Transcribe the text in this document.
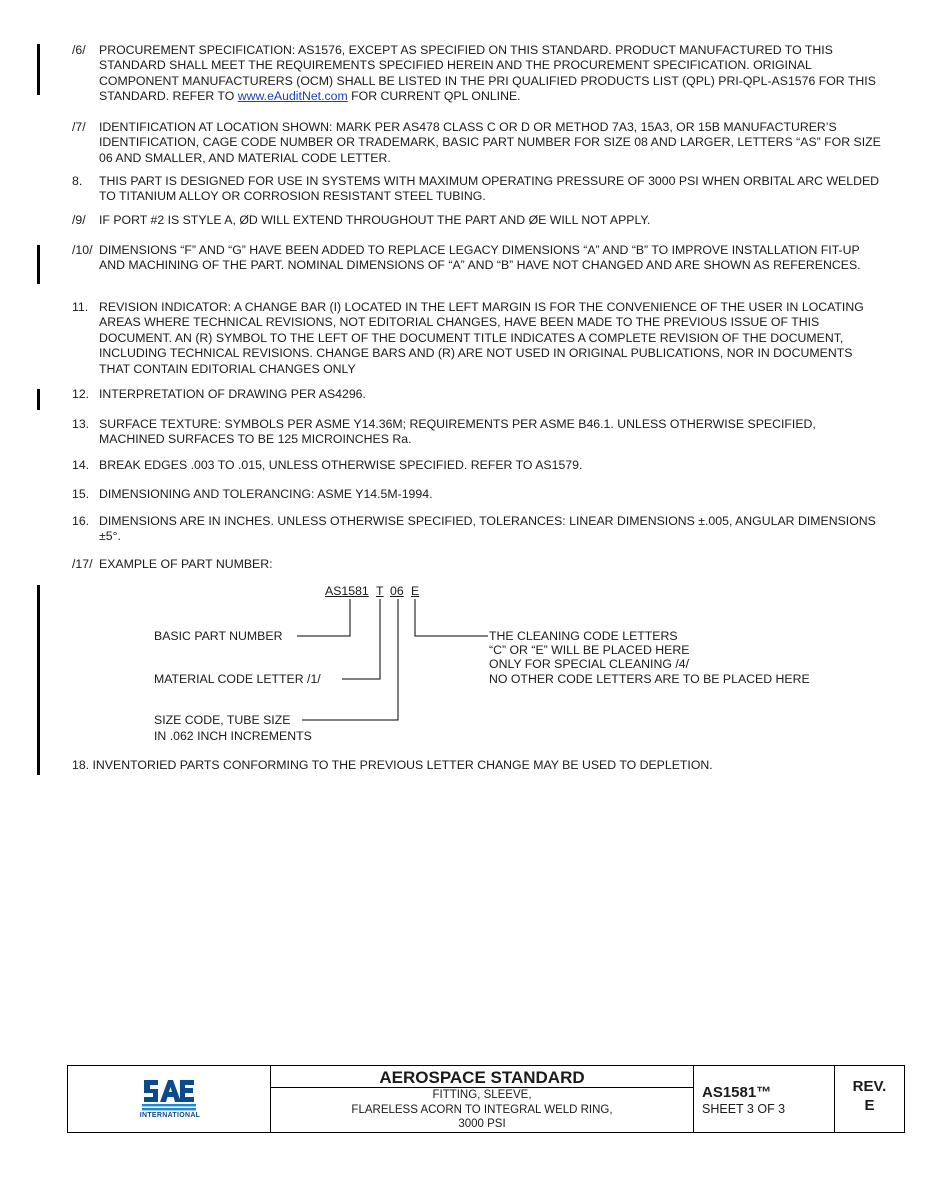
/6/ PROCUREMENT SPECIFICATION: AS1576, EXCEPT AS SPECIFIED ON THIS STANDARD. PRODUCT MANUFACTURED TO THIS STANDARD SHALL MEET THE REQUIREMENTS SPECIFIED HEREIN AND THE PROCUREMENT SPECIFICATION. ORIGINAL COMPONENT MANUFACTURERS (OCM) SHALL BE LISTED IN THE PRI QUALIFIED PRODUCTS LIST (QPL) PRI-QPL-AS1576 FOR THIS STANDARD. REFER TO www.eAuditNet.com FOR CURRENT QPL ONLINE.
/7/ IDENTIFICATION AT LOCATION SHOWN: MARK PER AS478 CLASS C OR D OR METHOD 7A3, 15A3, OR 15B MANUFACTURER’S IDENTIFICATION, CAGE CODE NUMBER OR TRADEMARK, BASIC PART NUMBER FOR SIZE 08 AND LARGER, LETTERS “AS” FOR SIZE 06 AND SMALLER, AND MATERIAL CODE LETTER.
8. THIS PART IS DESIGNED FOR USE IN SYSTEMS WITH MAXIMUM OPERATING PRESSURE OF 3000 PSI WHEN ORBITAL ARC WELDED TO TITANIUM ALLOY OR CORROSION RESISTANT STEEL TUBING.
/9/ IF PORT #2 IS STYLE A, ØD WILL EXTEND THROUGHOUT THE PART AND ØE WILL NOT APPLY.
/10/ DIMENSIONS “F” AND “G” HAVE BEEN ADDED TO REPLACE LEGACY DIMENSIONS “A” AND “B” TO IMPROVE INSTALLATION FIT-UP AND MACHINING OF THE PART. NOMINAL DIMENSIONS OF “A” AND “B” HAVE NOT CHANGED AND ARE SHOWN AS REFERENCES.
11. REVISION INDICATOR: A CHANGE BAR (I) LOCATED IN THE LEFT MARGIN IS FOR THE CONVENIENCE OF THE USER IN LOCATING AREAS WHERE TECHNICAL REVISIONS, NOT EDITORIAL CHANGES, HAVE BEEN MADE TO THE PREVIOUS ISSUE OF THIS DOCUMENT. AN (R) SYMBOL TO THE LEFT OF THE DOCUMENT TITLE INDICATES A COMPLETE REVISION OF THE DOCUMENT, INCLUDING TECHNICAL REVISIONS. CHANGE BARS AND (R) ARE NOT USED IN ORIGINAL PUBLICATIONS, NOR IN DOCUMENTS THAT CONTAIN EDITORIAL CHANGES ONLY
12. INTERPRETATION OF DRAWING PER AS4296.
13. SURFACE TEXTURE: SYMBOLS PER ASME Y14.36M; REQUIREMENTS PER ASME B46.1. UNLESS OTHERWISE SPECIFIED, MACHINED SURFACES TO BE 125 MICROINCHES Ra.
14. BREAK EDGES .003 TO .015, UNLESS OTHERWISE SPECIFIED. REFER TO AS1579.
15. DIMENSIONING AND TOLERANCING: ASME Y14.5M-1994.
16. DIMENSIONS ARE IN INCHES. UNLESS OTHERWISE SPECIFIED, TOLERANCES: LINEAR DIMENSIONS ±.005, ANGULAR DIMENSIONS ±5°.
/17/ EXAMPLE OF PART NUMBER:
AS1581 T 06 E
BASIC PART NUMBER
MATERIAL CODE LETTER /1/
SIZE CODE, TUBE SIZE
IN .062 INCH INCREMENTS
THE CLEANING CODE LETTERS
“C” OR “E” WILL BE PLACED HERE
ONLY FOR SPECIAL CLEANING /4/
NO OTHER CODE LETTERS ARE TO BE PLACED HERE
18. INVENTORIED PARTS CONFORMING TO THE PREVIOUS LETTER CHANGE MAY BE USED TO DEPLETION.
INTERNATIONAL
AEROSPACE STANDARD
FITTING, SLEEVE,
FLARELESS ACORN TO INTEGRAL WELD RING,
3000 PSI
AS1581™
SHEET 3 OF 3
REV.
E
